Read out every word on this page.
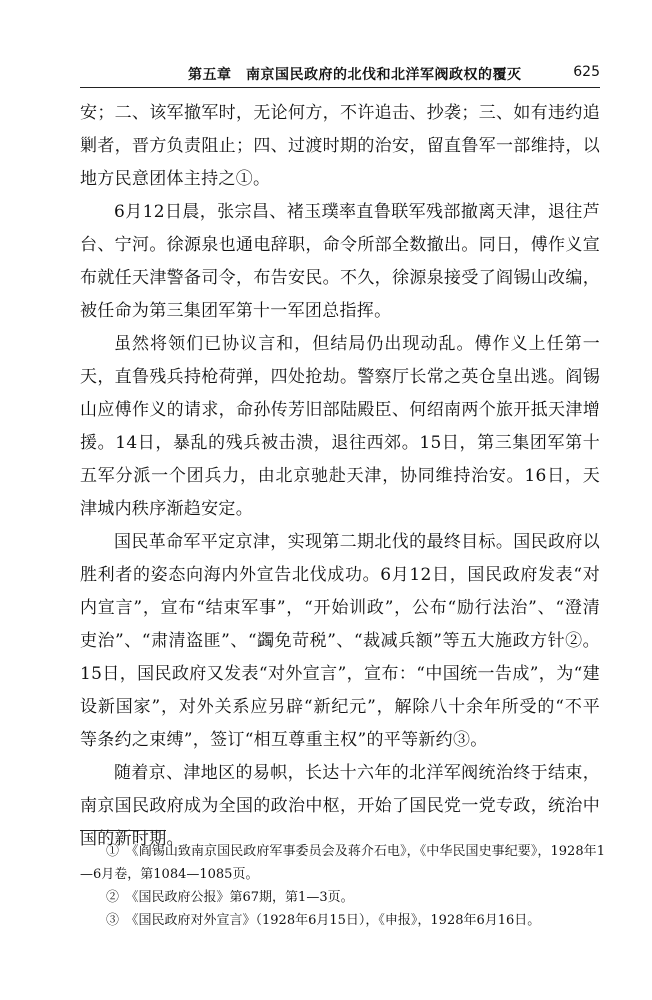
第五章　南京国民政府的北伐和北洋军阀政权的覆灭	625

安；二、该军撤军时，无论何方，不许追击、抄袭；三、如有违约追剿者，晋方负责阻止；四、过渡时期的治安，留直鲁军一部维持，以地方民意团体主持之①。

6月12日晨，张宗昌、褚玉璞率直鲁联军残部撤离天津，退往芦台、宁河。徐源泉也通电辞职，命令所部全数撤出。同日，傅作义宣布就任天津警备司令，布告安民。不久，徐源泉接受了阎锡山改编，被任命为第三集团军第十一军团总指挥。

虽然将领们已协议言和，但结局仍出现动乱。傅作义上任第一天，直鲁残兵持枪荷弹，四处抢劫。警察厅长常之英仓皇出逃。阎锡山应傅作义的请求，命孙传芳旧部陆殿臣、何绍南两个旅开抵天津增援。14日，暴乱的残兵被击溃，退往西郊。15日，第三集团军第十五军分派一个团兵力，由北京驰赴天津，协同维持治安。16日，天津城内秩序渐趋安定。

国民革命军平定京津，实现第二期北伐的最终目标。国民政府以胜利者的姿态向海内外宣告北伐成功。6月12日，国民政府发表“对内宣言”，宣布“结束军事”，“开始训政”，公布“励行法治”、“澄清吏治”、“肃清盗匪”、“蠲免苛税”、“裁减兵额”等五大施政方针②。15日，国民政府又发表“对外宣言”，宣布：“中国统一告成”，为“建设新国家”，对外关系应另辟“新纪元”，解除八十余年所受的“不平等条约之束缚”，签订“相互尊重主权”的平等新约③。

随着京、津地区的易帜，长达十六年的北洋军阀统治终于结束，南京国民政府成为全国的政治中枢，开始了国民党一党专政，统治中国的新时期。

①　《阎锡山致南京国民政府军事委员会及蒋介石电》，《中华民国史事纪要》，1928年1—6月卷，第1084—1085页。

②　《国民政府公报》第67期，第1—3页。

③　《国民政府对外宣言》（1928年6月15日），《申报》，1928年6月16日。
